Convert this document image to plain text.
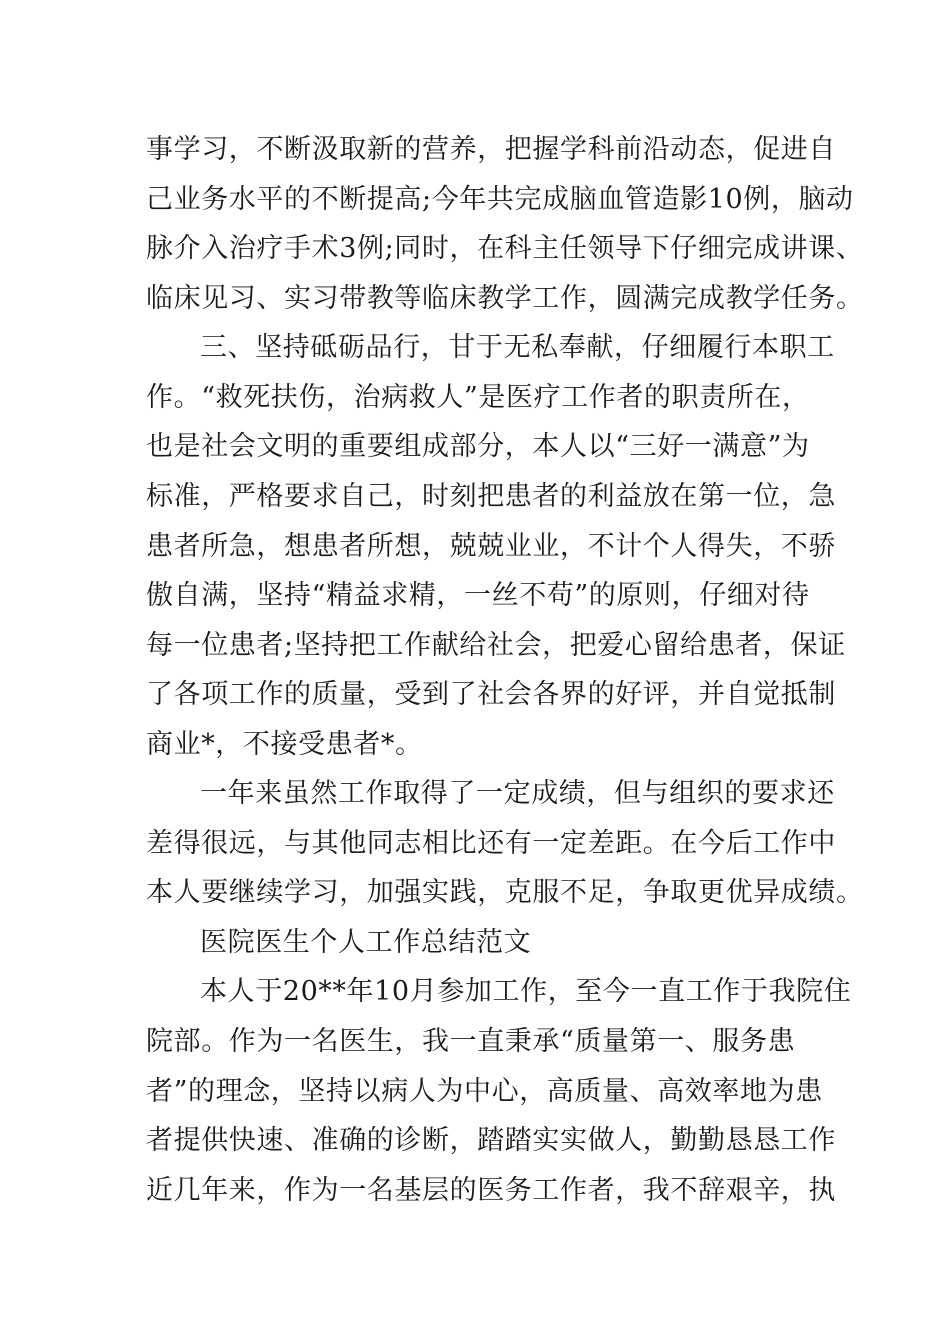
事学习，不断汲取新的营养，把握学科前沿动态，促进自
己业务水平的不断提高;今年共完成脑血管造影10例，脑动
脉介入治疗手术3例;同时，在科主任领导下仔细完成讲课、
临床见习、实习带教等临床教学工作，圆满完成教学任务。
三、坚持砥砺品行，甘于无私奉献，仔细履行本职工
作。“救死扶伤，治病救人”是医疗工作者的职责所在，
也是社会文明的重要组成部分，本人以“三好一满意”为
标准，严格要求自己，时刻把患者的利益放在第一位，急
患者所急，想患者所想，兢兢业业，不计个人得失，不骄
傲自满，坚持“精益求精，一丝不苟”的原则，仔细对待
每一位患者;坚持把工作献给社会，把爱心留给患者，保证
了各项工作的质量，受到了社会各界的好评，并自觉抵制
商业*，不接受患者*。
一年来虽然工作取得了一定成绩，但与组织的要求还
差得很远，与其他同志相比还有一定差距。在今后工作中
本人要继续学习，加强实践，克服不足，争取更优异成绩。
医院医生个人工作总结范文
本人于20**年10月参加工作，至今一直工作于我院住
院部。作为一名医生，我一直秉承“质量第一、服务患
者”的理念，坚持以病人为中心，高质量、高效率地为患
者提供快速、准确的诊断，踏踏实实做人，勤勤恳恳工作
近几年来，作为一名基层的医务工作者，我不辞艰辛，执
